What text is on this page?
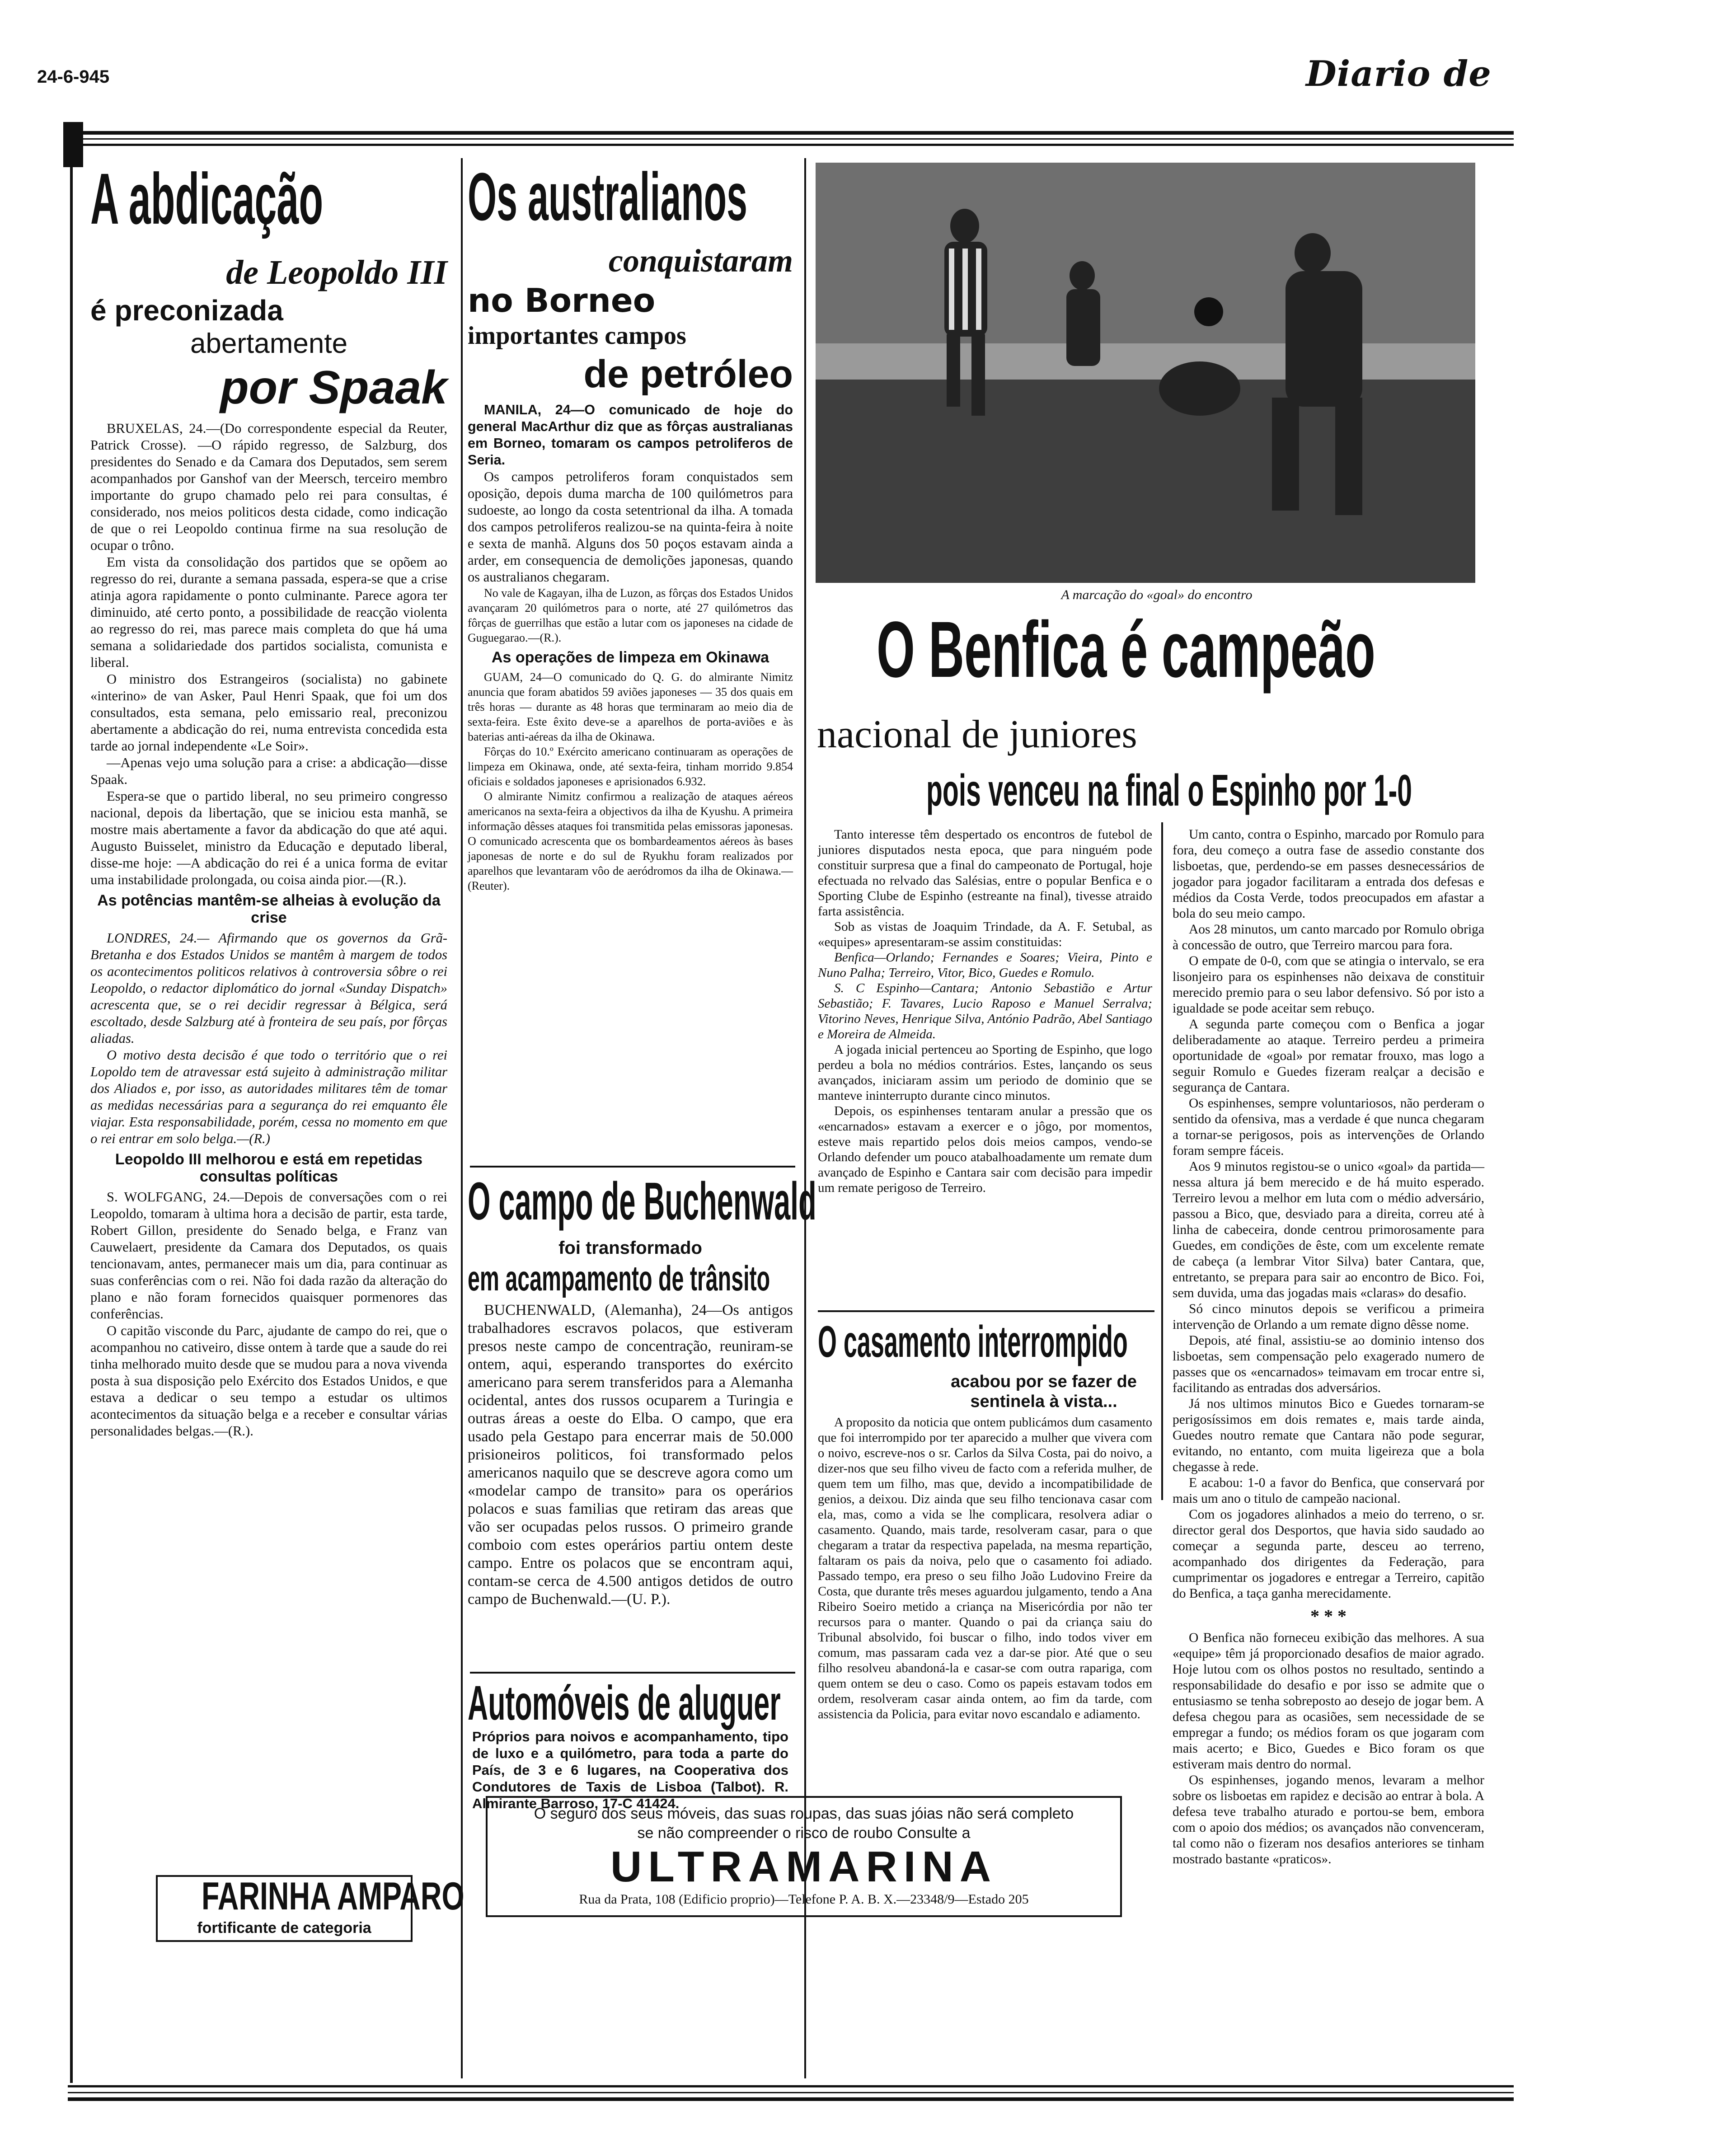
24-6-945	Diario de
A abdicação
de Leopoldo III
é preconizada
abertamente
por Spaak

BRUXELAS, 24.—(Do correspondente especial da Reuter, Patrick Crosse). —O rápido regresso, de Salzburg, dos presidentes do Senado e da Camara dos Deputados, sem serem acompanhados por Ganshof van der Meersch, terceiro membro importante do grupo chamado pelo rei para consultas, é considerado, nos meios politicos desta cidade, como indicação de que o rei Leopoldo continua firme na sua resolução de ocupar o trôno.

Em vista da consolidação dos partidos que se opõem ao regresso do rei, durante a semana passada, espera-se que a crise atinja agora rapidamente o ponto culminante. Parece agora ter diminuido, até certo ponto, a possibilidade de reacção violenta ao regresso do rei, mas parece mais completa do que há uma semana a solidariedade dos partidos socialista, comunista e liberal.

O ministro dos Estrangeiros (socialista) no gabinete «interino» de van Asker, Paul Henri Spaak, que foi um dos consultados, esta semana, pelo emissario real, preconizou abertamente a abdicação do rei, numa entrevista concedida esta tarde ao jornal independente «Le Soir».

—Apenas vejo uma solução para a crise: a abdicação—disse Spaak.

Espera-se que o partido liberal, no seu primeiro congresso nacional, depois da libertação, que se iniciou esta manhã, se mostre mais abertamente a favor da abdicação do que até aqui. Augusto Buisselet, ministro da Educação e deputado liberal, disse-me hoje: —A abdicação do rei é a unica forma de evitar uma instabilidade prolongada, ou coisa ainda pior.—(R.).

As potências mantêm-se alheias à evolução da crise

LONDRES, 24.— Afirmando que os governos da Grã-Bretanha e dos Estados Unidos se mantêm à margem de todos os acontecimentos politicos relativos à controversia sôbre o rei Leopoldo, o redactor diplomático do jornal «Sunday Dispatch» acrescenta que, se o rei decidir regressar à Bélgica, será escoltado, desde Salzburg até à fronteira de seu país, por fôrças aliadas.

O motivo desta decisão é que todo o território que o rei Lopoldo tem de atravessar está sujeito à administração militar dos Aliados e, por isso, as autoridades militares têm de tomar as medidas necessárias para a segurança do rei emquanto êle viajar. Esta responsabilidade, porém, cessa no momento em que o rei entrar em solo belga.—(R.)

Leopoldo III melhorou e está em repetidas consultas políticas

S. WOLFGANG, 24.—Depois de conversações com o rei Leopoldo, tomaram à ultima hora a decisão de partir, esta tarde, Robert Gillon, presidente do Senado belga, e Franz van Cauwelaert, presidente da Camara dos Deputados, os quais tencionavam, antes, permanecer mais um dia, para continuar as suas conferências com o rei. Não foi dada razão da alteração do plano e não foram fornecidos quaisquer pormenores das conferências.

O capitão visconde du Parc, ajudante de campo do rei, que o acompanhou no cativeiro, disse ontem à tarde que a saude do rei tinha melhorado muito desde que se mudou para a nova vivenda posta à sua disposição pelo Exército dos Estados Unidos, e que estava a dedicar o seu tempo a estudar os ultimos acontecimentos da situação belga e a receber e consultar várias personalidades belgas.—(R.).

FARINHA AMPARO
fortificante de categoria
Os australianos
conquistaram
no Borneo
importantes campos
de petróleo

MANILA, 24—O comunicado de hoje do general MacArthur diz que as fôrças australianas em Borneo, tomaram os campos petroliferos de Seria.

Os campos petroliferos foram conquistados sem oposição, depois duma marcha de 100 quilómetros para sudoeste, ao longo da costa setentrional da ilha. A tomada dos campos petroliferos realizou-se na quinta-feira à noite e sexta de manhã. Alguns dos 50 poços estavam ainda a arder, em consequencia de demolições japonesas, quando os australianos chegaram.

No vale de Kagayan, ilha de Luzon, as fôrças dos Estados Unidos avançaram 20 quilómetros para o norte, até 27 quilómetros das fôrças de guerrilhas que estão a lutar com os japoneses na cidade de Guguegarao.—(R.).

As operações de limpeza em Okinawa

GUAM, 24—O comunicado do Q. G. do almirante Nimitz anuncia que foram abatidos 59 aviões japoneses — 35 dos quais em três horas — durante as 48 horas que terminaram ao meio dia de sexta-feira. Este êxito deve-se a aparelhos de porta-aviões e às baterias anti-aéreas da ilha de Okinawa.

Fôrças do 10.º Exército americano continuaram as operações de limpeza em Okinawa, onde, até sexta-feira, tinham morrido 9.854 oficiais e soldados japoneses e aprisionados 6.932.

O almirante Nimitz confirmou a realização de ataques aéreos americanos na sexta-feira a objectivos da ilha de Kyushu. A primeira informação dêsses ataques foi transmitida pelas emissoras japonesas. O comunicado acrescenta que os bombardeamentos aéreos às bases japonesas de norte e do sul de Ryukhu foram realizados por aparelhos que levantaram vôo de aeródromos da ilha de Okinawa.—(Reuter).

O campo de Buchenwald
foi transformado
em acampamento de trânsito

BUCHENWALD, (Alemanha), 24—Os antigos trabalhadores escravos polacos, que estiveram presos neste campo de concentração, reuniram-se ontem, aqui, esperando transportes do exército americano para serem transferidos para a Alemanha ocidental, antes dos russos ocuparem a Turingia e outras áreas a oeste do Elba. O campo, que era usado pela Gestapo para encerrar mais de 50.000 prisioneiros politicos, foi transformado pelos americanos naquilo que se descreve agora como um «modelar campo de transito» para os operários polacos e suas familias que retiram das areas que vão ser ocupadas pelos russos. O primeiro grande comboio com estes operários partiu ontem deste campo. Entre os polacos que se encontram aqui, contam-se cerca de 4.500 antigos detidos de outro campo de Buchenwald.—(U. P.).

Automóveis de aluguer
Próprios para noivos e acompanhamento, tipo de luxo e a quilómetro, para toda a parte do País, de 3 e 6 lugares, na Cooperativa dos Condutores de Taxis de Lisboa (Talbot). R. Almirante Barroso, 17-C 41424.
A marcação do «goal» do encontro
O Benfica é campeão
nacional de juniores
pois venceu na final o Espinho por 1-0

Tanto interesse têm despertado os encontros de futebol de juniores disputados nesta epoca, que para ninguém pode constituir surpresa que a final do campeonato de Portugal, hoje efectuada no relvado das Salésias, entre o popular Benfica e o Sporting Clube de Espinho (estreante na final), tivesse atraido farta assistência.

Sob as vistas de Joaquim Trindade, da A. F. Setubal, as «equipes» apresentaram-se assim constituidas:

Benfica—Orlando; Fernandes e Soares; Vieira, Pinto e Nuno Palha; Terreiro, Vitor, Bico, Guedes e Romulo.

S. C Espinho—Cantara; Antonio Sebastião e Artur Sebastião; F. Tavares, Lucio Raposo e Manuel Serralva; Vitorino Neves, Henrique Silva, António Padrão, Abel Santiago e Moreira de Almeida.

A jogada inicial pertenceu ao Sporting de Espinho, que logo perdeu a bola no médios contrários. Estes, lançando os seus avançados, iniciaram assim um periodo de dominio que se manteve ininterrupto durante cinco minutos.

Depois, os espinhenses tentaram anular a pressão que os «encarnados» estavam a exercer e o jôgo, por momentos, esteve mais repartido pelos dois meios campos, vendo-se Orlando defender um pouco atabalhoadamente um remate dum avançado de Espinho e Cantara sair com decisão para impedir um remate perigoso de Terreiro.

O casamento interrompido
acabou por se fazer de sentinela à vista...

A proposito da noticia que ontem publicámos dum casamento que foi interrompido por ter aparecido a mulher que vivera com o noivo, escreve-nos o sr. Carlos da Silva Costa, pai do noivo, a dizer-nos que seu filho viveu de facto com a referida mulher, de quem tem um filho, mas que, devido a incompatibilidade de genios, a deixou. Diz ainda que seu filho tencionava casar com ela, mas, como a vida se lhe complicara, resolvera adiar o casamento. Quando, mais tarde, resolveram casar, para o que chegaram a tratar da respectiva papelada, na mesma repartição, faltaram os pais da noiva, pelo que o casamento foi adiado. Passado tempo, era preso o seu filho João Ludovino Freire da Costa, que durante três meses aguardou julgamento, tendo a Ana Ribeiro Soeiro metido a criança na Misericórdia por não ter recursos para o manter. Quando o pai da criança saiu do Tribunal absolvido, foi buscar o filho, indo todos viver em comum, mas passaram cada vez a dar-se pior. Até que o seu filho resolveu abandoná-la e casar-se com outra rapariga, com quem ontem se deu o caso. Como os papeis estavam todos em ordem, resolveram casar ainda ontem, ao fim da tarde, com assistencia da Policia, para evitar novo escandalo e adiamento.

Um canto, contra o Espinho, marcado por Romulo para fora, deu começo a outra fase de assedio constante dos lisboetas, que, perdendo-se em passes desnecessários de jogador para jogador facilitaram a entrada dos defesas e médios da Costa Verde, todos preocupados em afastar a bola do seu meio campo.

Aos 28 minutos, um canto marcado por Romulo obriga à concessão de outro, que Terreiro marcou para fora.

O empate de 0-0, com que se atingia o intervalo, se era lisonjeiro para os espinhenses não deixava de constituir merecido premio para o seu labor defensivo. Só por isto a igualdade se pode aceitar sem rebuço.

A segunda parte começou com o Benfica a jogar deliberadamente ao ataque. Terreiro perdeu a primeira oportunidade de «goal» por rematar frouxo, mas logo a seguir Romulo e Guedes fizeram realçar a decisão e segurança de Cantara.

Os espinhenses, sempre voluntariosos, não perderam o sentido da ofensiva, mas a verdade é que nunca chegaram a tornar-se perigosos, pois as intervenções de Orlando foram sempre fáceis.

Aos 9 minutos registou-se o unico «goal» da partida—nessa altura já bem merecido e de há muito esperado. Terreiro levou a melhor em luta com o médio adversário, passou a Bico, que, desviado para a direita, correu até à linha de cabeceira, donde centrou primorosamente para Guedes, em condições de êste, com um excelente remate de cabeça (a lembrar Vitor Silva) bater Cantara, que, entretanto, se prepara para sair ao encontro de Bico. Foi, sem duvida, uma das jogadas mais «claras» do desafio.

Só cinco minutos depois se verificou a primeira intervenção de Orlando a um remate digno dêsse nome.

Depois, até final, assistiu-se ao dominio intenso dos lisboetas, sem compensação pelo exagerado numero de passes que os «encarnados» teimavam em trocar entre si, facilitando as entradas dos adversários.

Já nos ultimos minutos Bico e Guedes tornaram-se perigosíssimos em dois remates e, mais tarde ainda, Guedes noutro remate que Cantara não pode segurar, evitando, no entanto, com muita ligeireza que a bola chegasse à rede.

E acabou: 1-0 a favor do Benfica, que conservará por mais um ano o titulo de campeão nacional.

Com os jogadores alinhados a meio do terreno, o sr. director geral dos Desportos, que havia sido saudado ao começar a segunda parte, desceu ao terreno, acompanhado dos dirigentes da Federação, para cumprimentar os jogadores e entregar a Terreiro, capitão do Benfica, a taça ganha merecidamente.

* * *

O Benfica não forneceu exibição das melhores. A sua «equipe» têm já proporcionado desafios de maior agrado. Hoje lutou com os olhos postos no resultado, sentindo a responsabilidade do desafio e por isso se admite que o entusiasmo se tenha sobreposto ao desejo de jogar bem. A defesa chegou para as ocasiões, sem necessidade de se empregar a fundo; os médios foram os que jogaram com mais acerto; e Bico, Guedes e Bico foram os que estiveram mais dentro do normal.

Os espinhenses, jogando menos, levaram a melhor sobre os lisboetas em rapidez e decisão ao entrar à bola. A defesa teve trabalho aturado e portou-se bem, embora com o apoio dos médios; os avançados não convenceram, tal como não o fizeram nos desafios anteriores se tinham mostrado bastante «praticos».

O seguro dos seus móveis, das suas roupas, das suas jóias não será completo
se não compreender o risco de roubo Consulte a
ULTRAMARINA
Rua da Prata, 108 (Edificio proprio)—Telefone P. A. B. X.—23348/9—Estado 205
